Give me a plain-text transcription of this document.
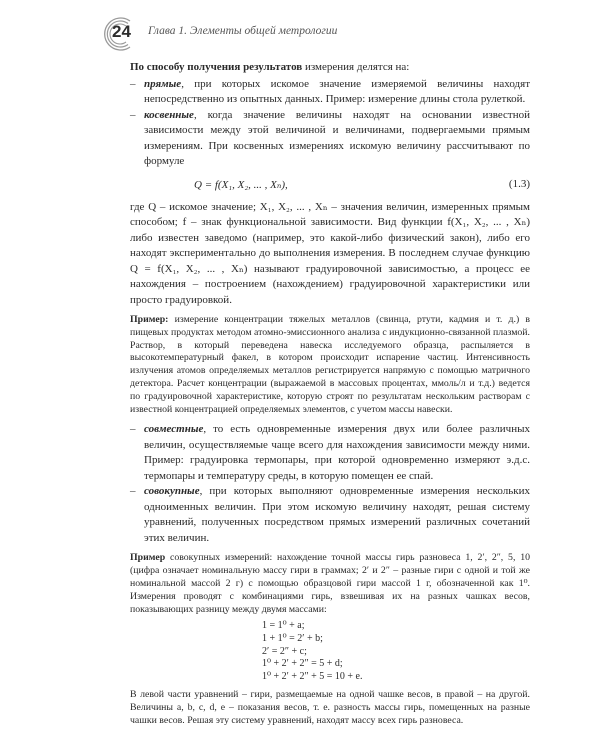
24 Глава 1. Элементы общей метрологии

По способу получения результатов измерения делятся на:

– прямые, при которых искомое значение измеряемой величины находят непосредственно из опытных данных. Пример: измерение длины стола рулеткой.

– косвенные, когда значение величины находят на основании известной зависимости между этой величиной и величинами, подвергаемыми прямым измерениям. При косвенных измерениях искомую величину рассчитывают по формуле

Q = f(X₁, X₂, ... , Xₙ),	(1.3)

где Q – искомое значение; X₁, X₂, ... , Xₙ – значения величин, измеренных прямым способом; f – знак функциональной зависимости. Вид функции f(X₁, X₂, ... , Xₙ) либо известен заведомо (например, это какой-либо физический закон), либо его находят экспериментально до выполнения измерения. В последнем случае функцию Q = f(X₁, X₂, ... , Xₙ) называют градуировочной зависимостью, а процесс ее нахождения – построением (нахождением) градуировочной характеристики или просто градуировкой.

Пример: измерение концентрации тяжелых металлов (свинца, ртути, кадмия и т. д.) в пищевых продуктах методом атомно-эмиссионного анализа с индукционно-связанной плазмой. Раствор, в который переведена навеска исследуемого образца, распыляется в высокотемпературный факел, в котором происходит испарение частиц. Интенсивность излучения атомов определяемых металлов регистрируется напрямую с помощью матричного детектора. Расчет концентрации (выражаемой в массовых процентах, ммоль/л и т.д.) ведется по градуировочной характеристике, которую строят по результатам нескольким растворам с известной концентрацией определяемых элементов, с учетом массы навески.

– совместные, то есть одновременные измерения двух или более различных величин, осуществляемые чаще всего для нахождения зависимости между ними. Пример: градуировка термопары, при которой одновременно измеряют э.д.с. термопары и температуру среды, в которую помещен ее спай.

– совокупные, при которых выполняют одновременные измерения нескольких одноименных величин. При этом искомую величину находят, решая систему уравнений, полученных посредством прямых измерений различных сочетаний этих величин.

Пример совокупных измерений: нахождение точной массы гирь разновеса 1, 2′, 2″, 5, 10 (цифра означает номинальную массу гири в граммах; 2′ и 2″ – разные гири с одной и той же номинальной массой 2 г) с помощью образцовой гири массой 1 г, обозначенной как 1⁰. Измерения проводят с комбинациями гирь, взвешивая их на разных чашках весов, показывающих разницу между двумя массами:

1 = 1⁰ + a;
1 + 1⁰ = 2′ + b;
2′ = 2″ + c;
1⁰ + 2′ + 2″ = 5 + d;
1⁰ + 2′ + 2″ + 5 = 10 + e.

В левой части уравнений – гири, размещаемые на одной чашке весов, в правой – на другой. Величины a, b, c, d, e – показания весов, т. е. разность массы гирь, помещенных на разные чашки весов. Решая эту систему уравнений, находят массу всех гирь разновеса.
